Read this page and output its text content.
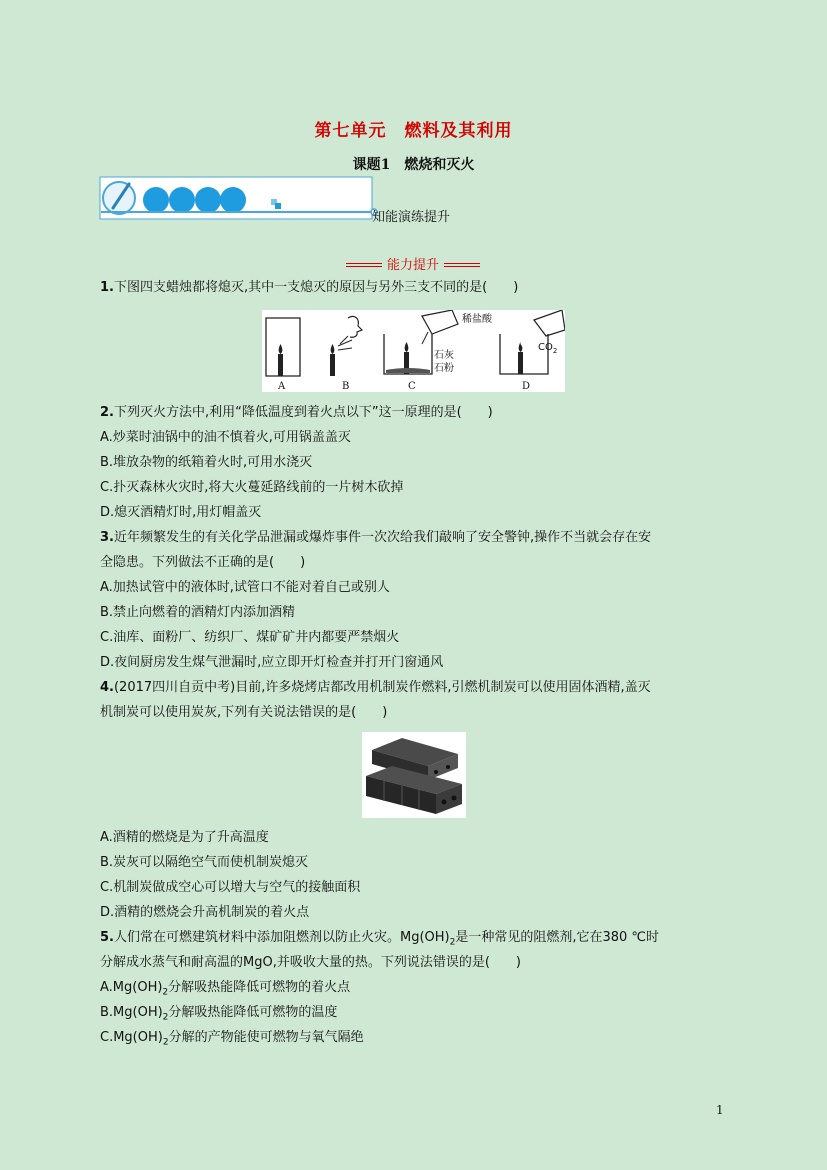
第七单元　燃料及其利用
课题1　燃烧和灭火
知能演练提升
能力提升
1.下图四支蜡烛都将熄灭,其中一支熄灭的原因与另外三支不同的是(　　)
稀盐酸
石灰
石粉
$CO_2$
A	B	C	D
2.下列灭火方法中,利用“降低温度到着火点以下”这一原理的是(　　)
A.炒菜时油锅中的油不慎着火,可用锅盖盖灭
B.堆放杂物的纸箱着火时,可用水浇灭
C.扑灭森林火灾时,将大火蔓延路线前的一片树木砍掉
D.熄灭酒精灯时,用灯帽盖灭
3.近年频繁发生的有关化学品泄漏或爆炸事件一次次给我们敲响了安全警钟,操作不当就会存在安
全隐患。下列做法不正确的是(　　)
A.加热试管中的液体时,试管口不能对着自己或别人
B.禁止向燃着的酒精灯内添加酒精
C.油库、面粉厂、纺织厂、煤矿矿井内都要严禁烟火
D.夜间厨房发生煤气泄漏时,应立即开灯检查并打开门窗通风
4.(2017四川自贡中考)目前,许多烧烤店都改用机制炭作燃料,引燃机制炭可以使用固体酒精,盖灭
机制炭可以使用炭灰,下列有关说法错误的是(　　)
A.酒精的燃烧是为了升高温度
B.炭灰可以隔绝空气而使机制炭熄灭
C.机制炭做成空心可以增大与空气的接触面积
D.酒精的燃烧会升高机制炭的着火点
5.人们常在可燃建筑材料中添加阻燃剂以防止火灾。$Mg(OH)_2$是一种常见的阻燃剂,它在380 ℃时
分解成水蒸气和耐高温的MgO,并吸收大量的热。下列说法错误的是(　　)
$A.Mg(OH)_2$分解吸热能降低可燃物的着火点
$B.Mg(OH)_2$分解吸热能降低可燃物的温度
$C.Mg(OH)_2$分解的产物能使可燃物与氧气隔绝
1
